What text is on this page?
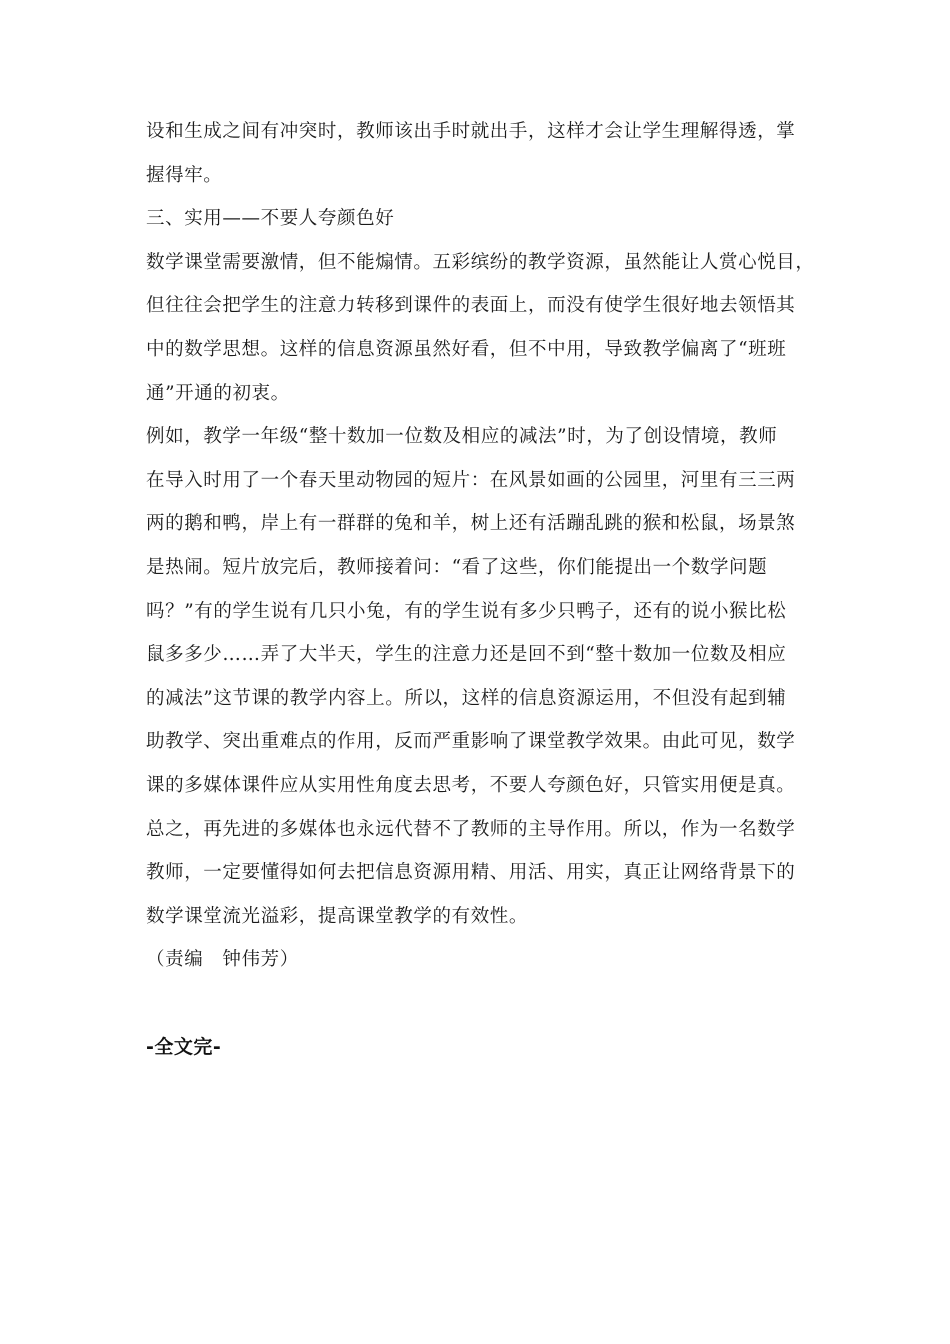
设和生成之间有冲突时，教师该出手时就出手，这样才会让学生理解得透，掌
握得牢。
三、实用——不要人夸颜色好
数学课堂需要激情，但不能煽情。五彩缤纷的教学资源，虽然能让人赏心悦目，
但往往会把学生的注意力转移到课件的表面上，而没有使学生很好地去领悟其
中的数学思想。这样的信息资源虽然好看，但不中用，导致教学偏离了“班班
通”开通的初衷。
例如，教学一年级“整十数加一位数及相应的减法”时，为了创设情境，教师
在导入时用了一个春天里动物园的短片：在风景如画的公园里，河里有三三两
两的鹅和鸭，岸上有一群群的兔和羊，树上还有活蹦乱跳的猴和松鼠，场景煞
是热闹。短片放完后，教师接着问：“看了这些，你们能提出一个数学问题
吗？”有的学生说有几只小兔，有的学生说有多少只鸭子，还有的说小猴比松
鼠多多少……弄了大半天，学生的注意力还是回不到“整十数加一位数及相应
的减法”这节课的教学内容上。所以，这样的信息资源运用，不但没有起到辅
助教学、突出重难点的作用，反而严重影响了课堂教学效果。由此可见，数学
课的多媒体课件应从实用性角度去思考，不要人夸颜色好，只管实用便是真。
总之，再先进的多媒体也永远代替不了教师的主导作用。所以，作为一名数学
教师，一定要懂得如何去把信息资源用精、用活、用实，真正让网络背景下的
数学课堂流光溢彩，提高课堂教学的有效性。
（责编　钟伟芳）
-全文完-
